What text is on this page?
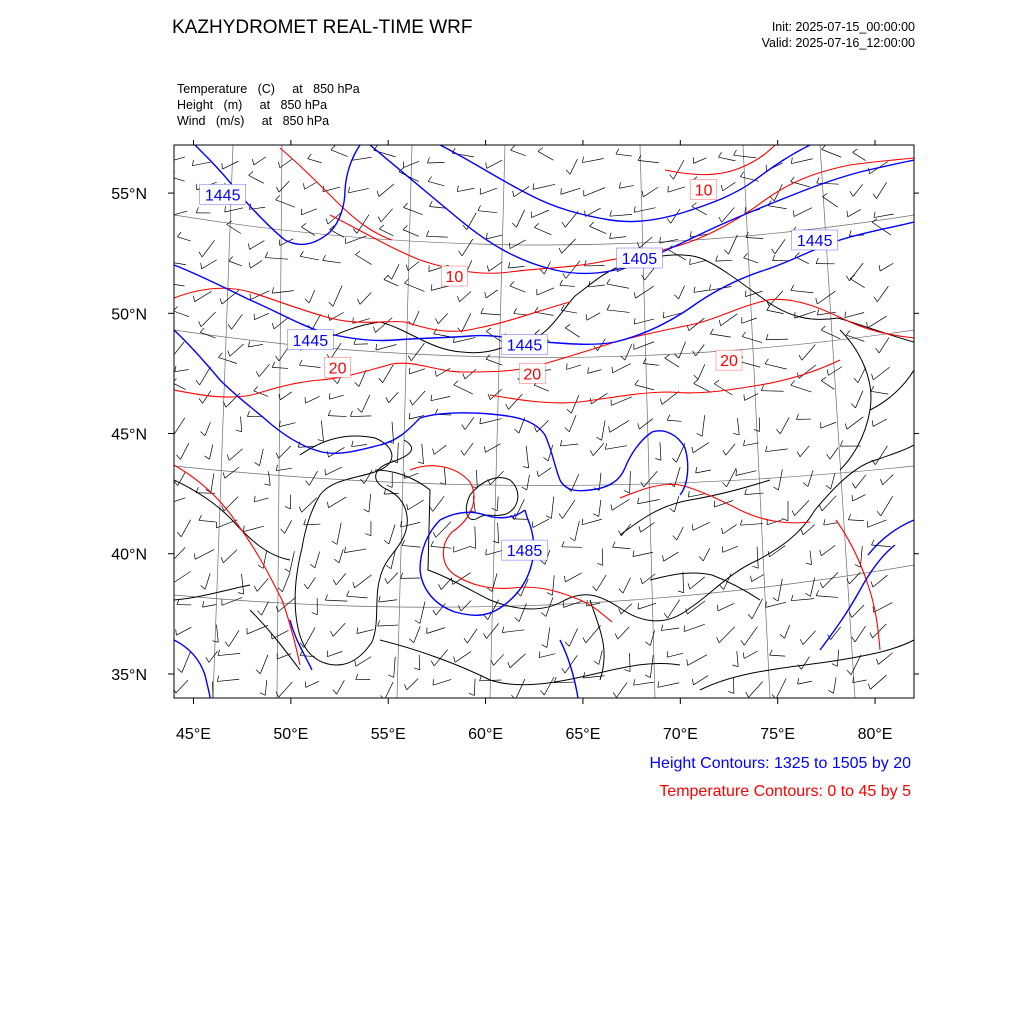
KAZHYDROMET REAL-TIME WRF	Init: 2025-07-15_00:00:00
Valid: 2025-07-16_12:00:00
Temperature   (C)     at   850 hPa
Height   (m)     at   850 hPa
Wind   (m/s)     at   850 hPa
1445
1405
1445
1445	1445
1485
10
10
20	20
20
45°E	50°E	55°E	60°E	65°E	70°E	75°E	80°E
35°N
40°N
45°N
50°N
55°N
Height Contours: 1325 to 1505 by 20
Temperature Contours: 0 to 45 by 5
